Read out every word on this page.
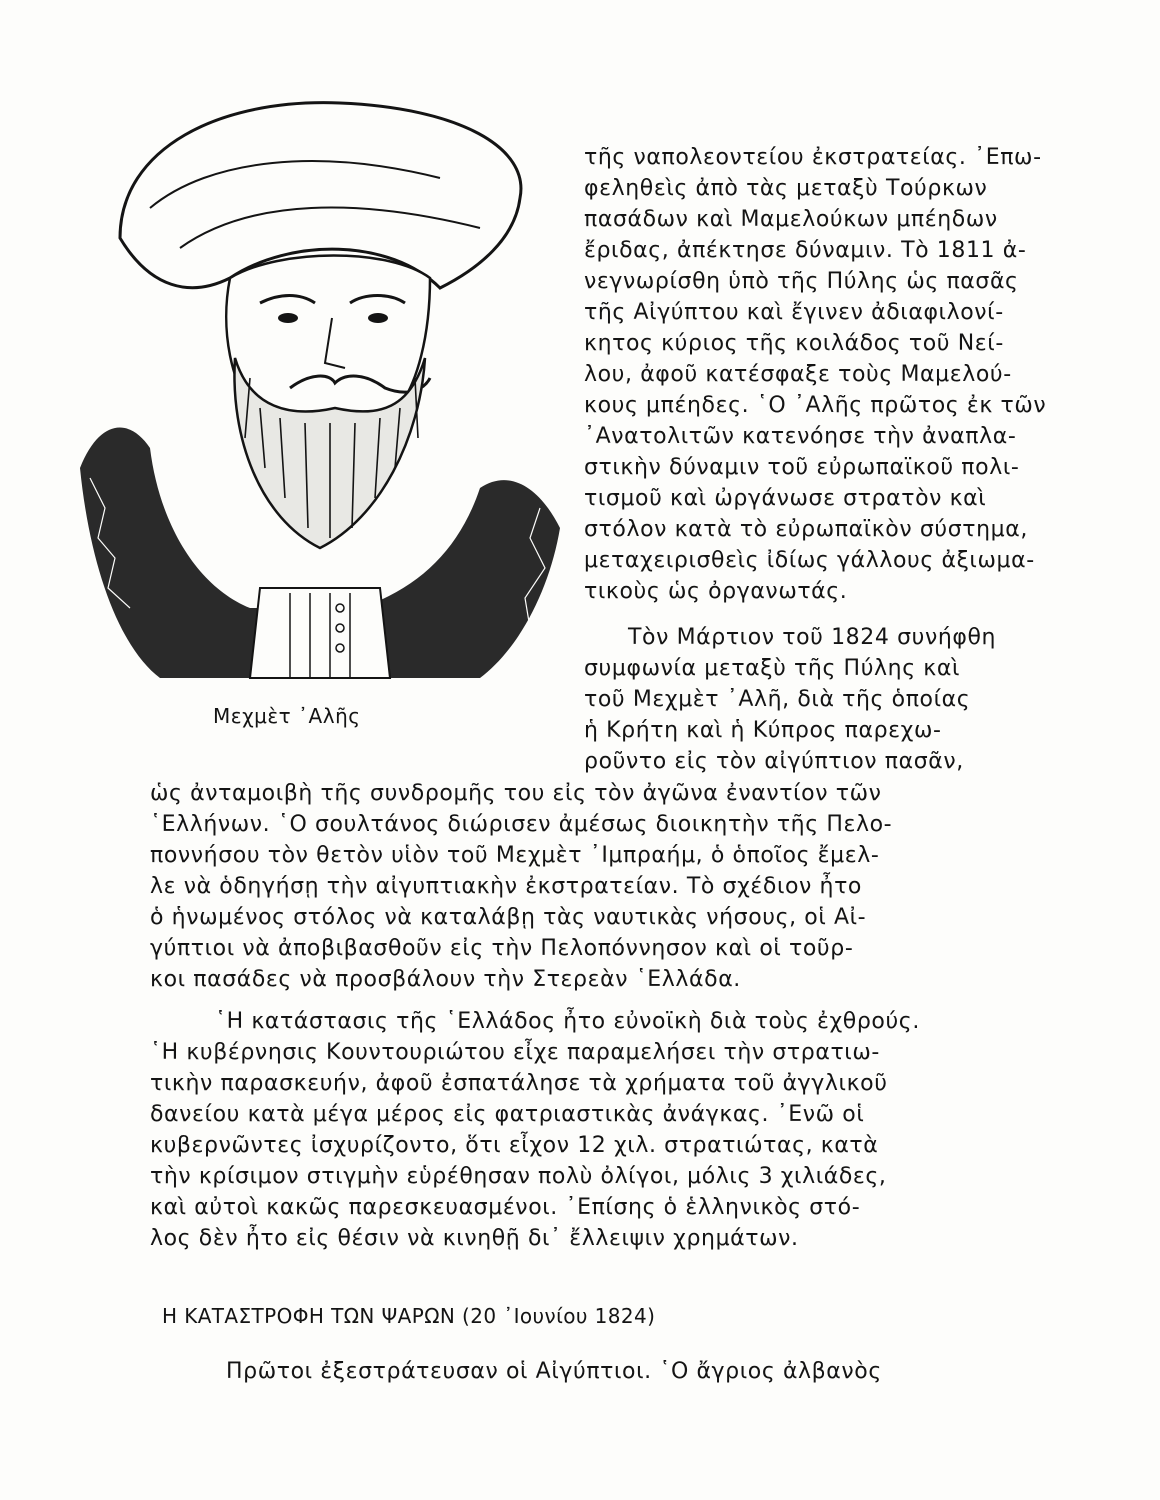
Μεχμὲτ ᾿Αλῆς
τῆς ναπολεοντείου ἐκστρατείας. ᾿Επω-
φεληθεὶς ἀπὸ τὰς μεταξὺ Τούρκων
πασάδων καὶ Μαμελούκων μπέηδων
ἔριδας, ἀπέκτησε δύναμιν. Τὸ 1811 ἀ-
νεγνωρίσθη ὑπὸ τῆς Πύλης ὡς πασᾶς
τῆς Αἰγύπτου καὶ ἔγινεν ἀδιαφιλονί-
κητος κύριος τῆς κοιλάδος τοῦ Νεί-
λου, ἀφοῦ κατέσφαξε τοὺς Μαμελού-
κους μπέηδες. ῾Ο ᾿Αλῆς πρῶτος ἐκ τῶν
᾿Ανατολιτῶν κατενόησε τὴν ἀναπλα-
στικὴν δύναμιν τοῦ εὐρωπαϊκοῦ πολι-
τισμοῦ καὶ ὠργάνωσε στρατὸν καὶ
στόλον κατὰ τὸ εὐρωπαϊκὸν σύστημα,
μεταχειρισθεὶς ἰδίως γάλλους ἀξιωμα-
τικοὺς ὡς ὀργανωτάς.
Τὸν Μάρτιον τοῦ 1824 συνήφθη
συμφωνία μεταξὺ τῆς Πύλης καὶ
τοῦ Μεχμὲτ ᾿Αλῆ, διὰ τῆς ὁποίας
ἡ Κρήτη καὶ ἡ Κύπρος παρεχω-
ροῦντο εἰς τὸν αἰγύπτιον πασᾶν,
ὡς ἀνταμοιβὴ τῆς συνδρομῆς του εἰς τὸν ἀγῶνα ἐναντίον τῶν
῾Ελλήνων. ῾Ο σουλτάνος διώρισεν ἀμέσως διοικητὴν τῆς Πελο-
ποννήσου τὸν θετὸν υἱὸν τοῦ Μεχμὲτ ᾿Ιμπραήμ, ὁ ὁποῖος ἔμελ-
λε νὰ ὁδηγήσῃ τὴν αἰγυπτιακὴν ἐκστρατείαν. Τὸ σχέδιον ἦτο
ὁ ἡνωμένος στόλος νὰ καταλάβῃ τὰς ναυτικὰς νήσους, οἱ Αἰ-
γύπτιοι νὰ ἀποβιβασθοῦν εἰς τὴν Πελοπόννησον καὶ οἱ τοῦρ-
κοι πασάδες νὰ προσβάλουν τὴν Στερεὰν ῾Ελλάδα.
῾Η κατάστασις τῆς ῾Ελλάδος ἦτο εὐνοϊκὴ διὰ τοὺς ἐχθρούς.
῾Η κυβέρνησις Κουντουριώτου εἶχε παραμελήσει τὴν στρατιω-
τικὴν παρασκευήν, ἀφοῦ ἐσπατάλησε τὰ χρήματα τοῦ ἀγγλικοῦ
δανείου κατὰ μέγα μέρος εἰς φατριαστικὰς ἀνάγκας. ᾿Ενῶ οἱ
κυβερνῶντες ἰσχυρίζοντο, ὅτι εἶχον 12 χιλ. στρατιώτας, κατὰ
τὴν κρίσιμον στιγμὴν εὑρέθησαν πολὺ ὀλίγοι, μόλις 3 χιλιάδες,
καὶ αὐτοὶ κακῶς παρεσκευασμένοι. ᾿Επίσης ὁ ἑλληνικὸς στό-
λος δὲν ἦτο εἰς θέσιν νὰ κινηθῇ δι᾿ ἔλλειψιν χρημάτων.
Η ΚΑΤΑΣΤΡΟΦΗ ΤΩΝ ΨΑΡΩΝ (20 ᾿Ιουνίου 1824)
Πρῶτοι ἐξεστράτευσαν οἱ Αἰγύπτιοι. ῾Ο ἄγριος ἀλβανὸς
